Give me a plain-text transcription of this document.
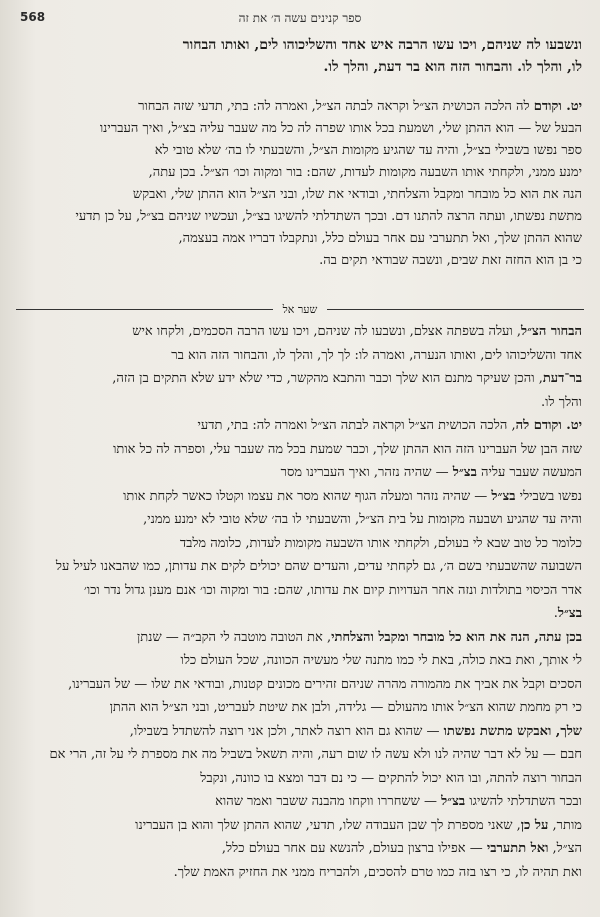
568	ספר קנינים עשה ה׳ את זה
ונשבעו לה שניהם, ויכו עשו הרבה איש אחד והשליכוהו לים, ואותו הבחור
לו, והלך לו. והבחור הזה הוא בר דעת, והלך לו.
יט. וקודם לה הלכה הכושית הצ״ל וקראה לבתה הצ״ל, ואמרה לה: בתי, תדעי שזה הבחור
הבעל של — הוא ההתן שלי, ושמעת בכל אותו שפרה לה כל מה שעבר עליה בצ״ל, ואיך העברינו
ספר נפשו בשבילי בצ״ל, והיה עד שהגיע מקומות הצ״ל, והשבעתי לו בה׳ שלא טובי לא
ימנע ממני, ולקחתי אותו השבעה מקומות לעדות, שהם: בור ומקוה וכו׳ הצ״ל. בכן עתה,
הנה את הוא כל מובחר ומקבל והצלחתי, ובודאי את שלו, ובני הצ״ל הוא ההתן שלי, ואבקש
מתשת נפשתו, ועתה הרצה להתנו דם. ובכך השתדלתי להשיגו בצ״ל, ועכשיו שניהם בצ״ל, על כן תדעי
שהוא ההתן שלך, ואל תתערבי עם אחר בעולם כלל, ונתקבלו דבריו אמה בעצמה,
כי בן הוא החזה זאת שבים, ונשבה שבודאי תקים בה.
שער אל
הבחור הצ״ל, ועלה בשפתה אצלם, ונשבעו לה שניהם, ויכו עשו הרבה הסכמים, ולקחו איש
אחד והשליכוהו לים, ואותו הנערה, ואמרה לו: לך לך, והלך לו, והבחור הזה הוא בר
בר־דעת, והכן שעיקר מתנם הוא שלך וכבר והתבא מהקשר, כדי שלא ידע שלא התקים בן הזה,
והלך לו.
יט. וקודם לה, הלכה הכושית הצ״ל וקראה לבתה הצ״ל ואמרה לה: בתי, תדעי
שזה הבן של העברינו הזה הוא ההתן שלך, וכבר שמעת בכל מה שעבר עלי, וספרה לה כל אותו
המעשה שעבר עליה בצ״ל — שהיה נזהר, ואיך העברינו מסר
נפשו בשבילי בצ״ל — שהיה נזהר ומעלה הגוף שהוא מסר את עצמו וקטלו כאשר לקחת אותו
והיה עד שהגיע ושבעה מקומות על בית הצ״ל, והשבעתי לו בה׳ שלא טובי לא ימנע ממני,
כלומר כל טוב שבא לי בעולם, ולקחתי אותו השבעה מקומות לעדות, כלומה מלבד
השבועה שהשבעתי בשם ה׳, גם לקחתי עדים, והעדים שהם יכולים לקים את עדותן, כמו שהבאנו לעיל על
אדר הכיסוי בתולדות ונזה אחר העדויות קיום את עדותו, שהם: בור ומקוה וכו׳ אנם מענן גדול נדר וכו׳
בצ״ל.
בכן עתה, הנה את הוא כל מובחר ומקבל והצלחתי, את הטובה מוטבה לי הקב״ה — שנתן
לי אותך, ואת באת כולה, באת לי כמו מתנה שלי מעשיה הכוונה, שכל העולם כלו
הסכים וקבל את אביך את מהמורה מהרה שניהם זהירים מכונים קטנות, ובודאי את שלו — של העברינו,
כי רק מחמת שהוא הצ״ל אותו מהעולם — גלידה, ולבן את שיטת לעבריט, ובני הצ״ל הוא ההתן
שלך, ואבקש מתשת נפשתו — שהוא גם הוא רוצה לאתר, ולכן אני רוצה להשתדל בשבילו,
חבם — על לא דבר שהיה לנו ולא עשה לו שום רעה, והיה תשאל בשביל מה את מספרת לי על זה, הרי אם
הבחור רוצה להתה, ובו הוא יכול להתקים — כי נם דבר ומצא בו כוונה, ונקבל
ובכר השתדלתי להשיגו בצ״ל — ששחררו ווקחו מהבנה ששבר ואמר שהוא
מותר, על כן, שאני מספרת לך שבן העבודה שלו, תדעי, שהוא ההתן שלך והוא בן העברינו
הצ״ל, ואל תתערבי — אפילו ברצון בעולם, להנשא עם אחר בעולם כלל,
ואת תהיה לו, כי רצו בזה כמו טרם להסכים, ולהבריח ממני את החזיק האמת שלך.
